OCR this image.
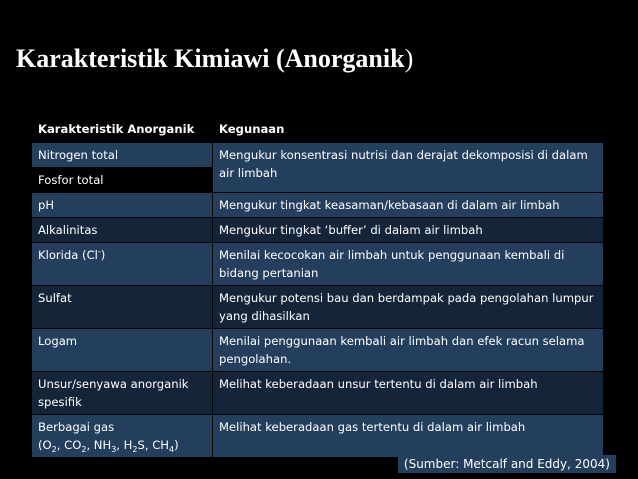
Karakteristik Kimiawi (Anorganik)
Karakteristik Anorganik	Kegunaan
Nitrogen total	Mengukur konsentrasi nutrisi dan derajat dekomposisi di dalam air limbah
Fosfor total	
pH	Mengukur tingkat keasaman/kebasaan di dalam air limbah
Alkalinitas	Mengukur tingkat ‘buffer’ di dalam air limbah
Klorida (Cl-)	Menilai kecocokan air limbah untuk penggunaan kembali di bidang pertanian
Sulfat	Mengukur potensi bau dan berdampak pada pengolahan lumpur yang dihasilkan
Logam	Menilai penggunaan kembali air limbah dan efek racun selama pengolahan.
Unsur/senyawa anorganik spesifik	Melihat keberadaan unsur tertentu di dalam air limbah
Berbagai gas
($O_2$, $CO_2$, $NH_3$, $H_2S$, $CH_4$)	Melihat keberadaan gas tertentu di dalam air limbah
(Sumber: Metcalf and Eddy, 2004)
